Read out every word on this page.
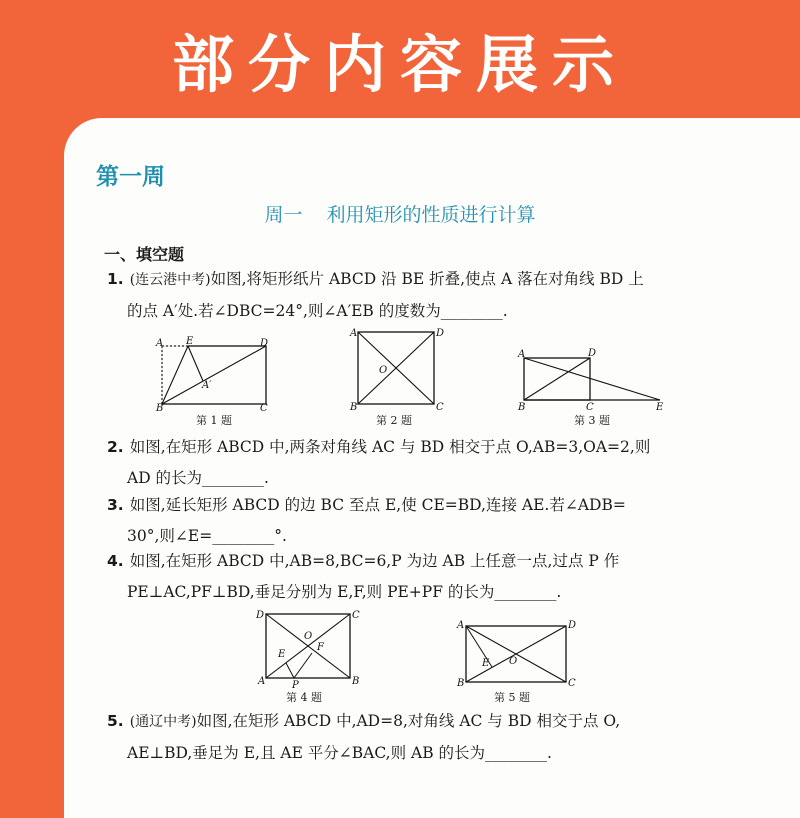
部分内容展示
第一周
周一 利用矩形的性质进行计算
一、填空题
1. (连云港中考)如图,将矩形纸片 ABCD 沿 BE 折叠,使点 A 落在对角线 BD 上
的点 A′处.若∠DBC=24°,则∠A′EB 的度数为________.
A E	D
A′
B	C
第 1 题
A	D
O
B	C
第 2 题
A	D
B	C	E
第 3 题
2. 如图,在矩形 ABCD 中,两条对角线 AC 与 BD 相交于点 O,AB=3,OA=2,则
AD 的长为________.
3. 如图,延长矩形 ABCD 的边 BC 至点 E,使 CE=BD,连接 AE.若∠ADB=
30°,则∠E=________°.
4. 如图,在矩形 ABCD 中,AB=8,BC=6,P 为边 AB 上任意一点,过点 P 作
PE⊥AC,PF⊥BD,垂足分别为 E,F,则 PE+PF 的长为________.
D	C
O
E
F
A	P	B
第 4 题
A	D
E O
B	C
第 5 题
5. (通辽中考)如图,在矩形 ABCD 中,AD=8,对角线 AC 与 BD 相交于点 O,
AE⊥BD,垂足为 E,且 AE 平分∠BAC,则 AB 的长为________.
